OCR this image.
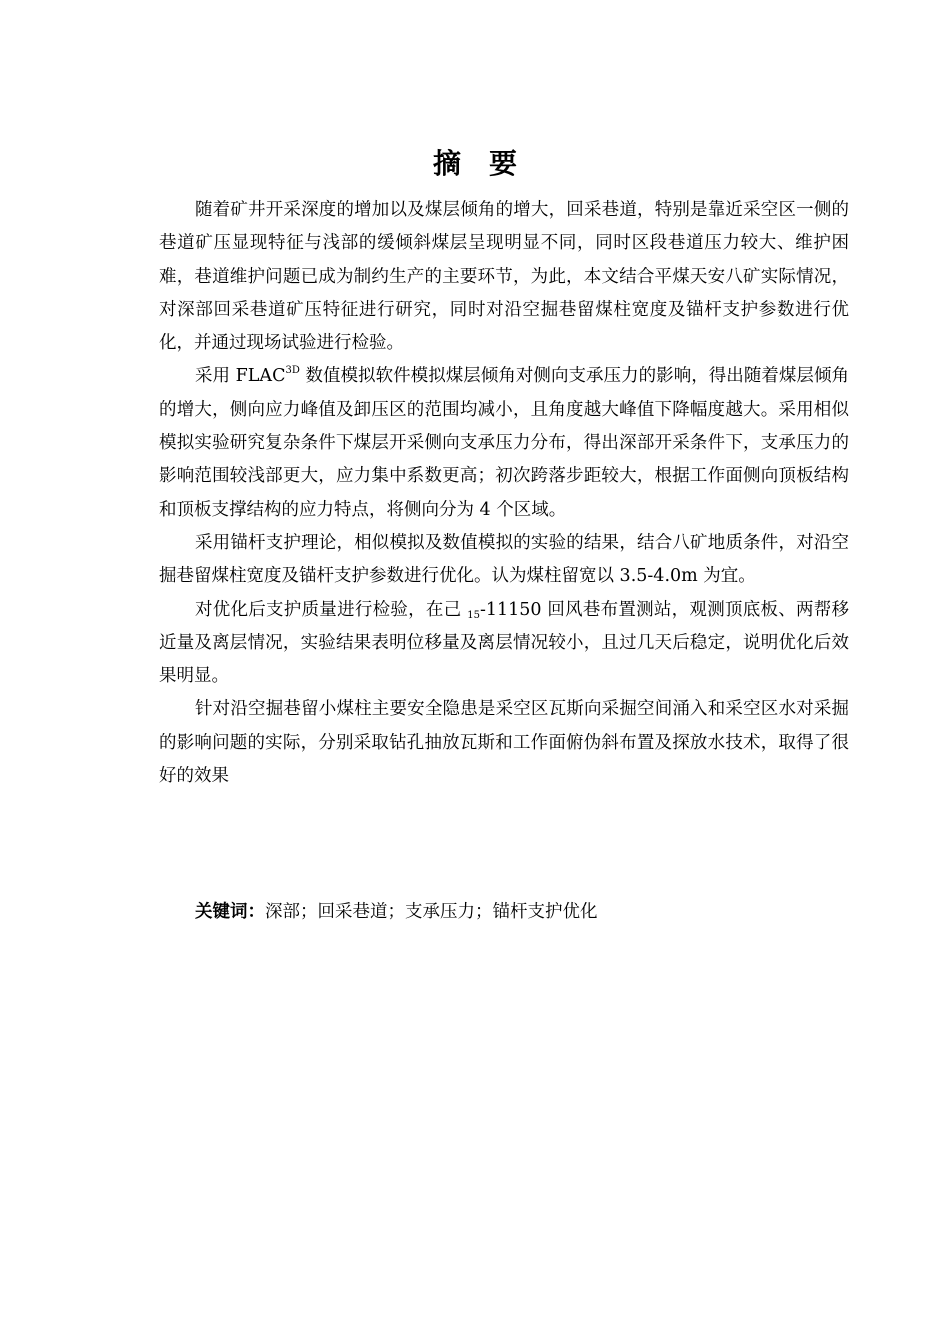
摘 要

随着矿井开采深度的增加以及煤层倾角的增大，回采巷道，特别是靠近采空区一侧的巷道矿压显现特征与浅部的缓倾斜煤层呈现明显不同，同时区段巷道压力较大、维护困难，巷道维护问题已成为制约生产的主要环节，为此，本文结合平煤天安八矿实际情况，对深部回采巷道矿压特征进行研究，同时对沿空掘巷留煤柱宽度及锚杆支护参数进行优化，并通过现场试验进行检验。

采用 $FLAC^{3D}$ 数值模拟软件模拟煤层倾角对侧向支承压力的影响，得出随着煤层倾角的增大，侧向应力峰值及卸压区的范围均减小，且角度越大峰值下降幅度越大。采用相似模拟实验研究复杂条件下煤层开采侧向支承压力分布，得出深部开采条件下，支承压力的影响范围较浅部更大，应力集中系数更高；初次跨落步距较大，根据工作面侧向顶板结构和顶板支撑结构的应力特点，将侧向分为 4 个区域。

采用锚杆支护理论，相似模拟及数值模拟的实验的结果，结合八矿地质条件，对沿空掘巷留煤柱宽度及锚杆支护参数进行优化。认为煤柱留宽以 3.5-4.0m 为宜。

对优化后支护质量进行检验，在己 $_{15}$-11150 回风巷布置测站，观测顶底板、两帮移近量及离层情况，实验结果表明位移量及离层情况较小，且过几天后稳定，说明优化后效果明显。

针对沿空掘巷留小煤柱主要安全隐患是采空区瓦斯向采掘空间涌入和采空区水对采掘的影响问题的实际，分别采取钻孔抽放瓦斯和工作面俯伪斜布置及探放水技术，取得了很好的效果

关键词：深部；回采巷道；支承压力；锚杆支护优化
